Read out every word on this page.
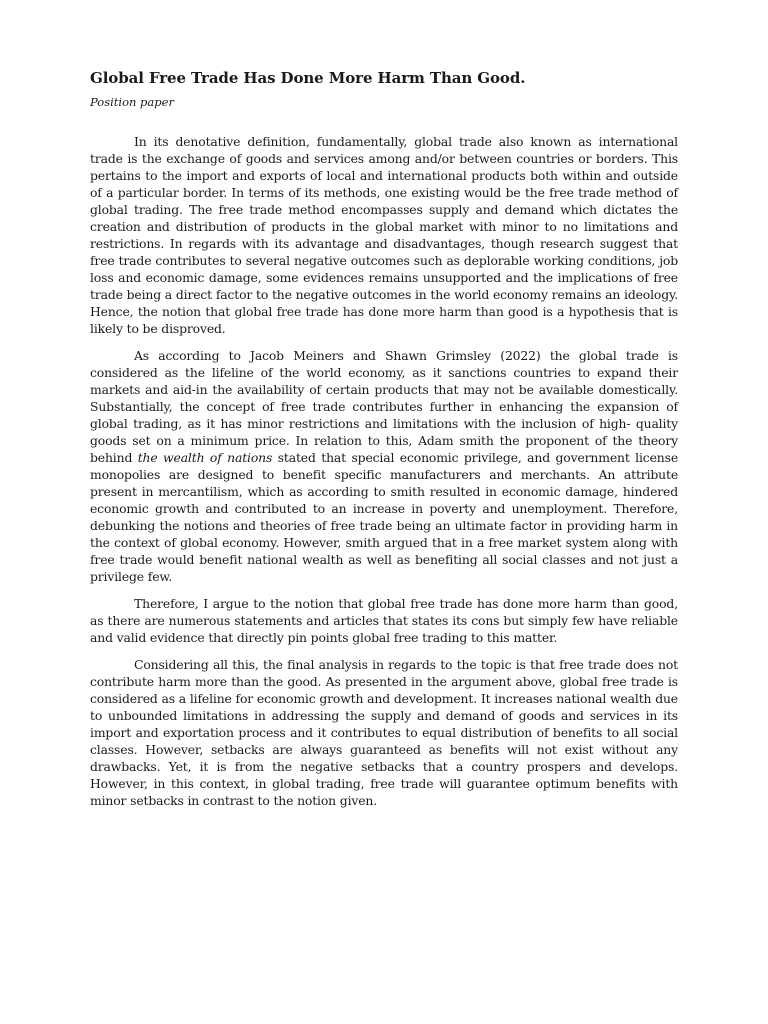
Global Free Trade Has Done More Harm Than Good.
Position paper

In its denotative definition, fundamentally, global trade also known as international trade is the exchange of goods and services among and/or between countries or borders. This pertains to the import and exports of local and international products both within and outside of a particular border. In terms of its methods, one existing would be the free trade method of global trading. The free trade method encompasses supply and demand which dictates the creation and distribution of products in the global market with minor to no limitations and restrictions. In regards with its advantage and disadvantages, though research suggest that free trade contributes to several negative outcomes such as deplorable working conditions, job loss and economic damage, some evidences remains unsupported and the implications of free trade being a direct factor to the negative outcomes in the world economy remains an ideology. Hence, the notion that global free trade has done more harm than good is a hypothesis that is likely to be disproved.

As according to Jacob Meiners and Shawn Grimsley (2022) the global trade is considered as the lifeline of the world economy, as it sanctions countries to expand their markets and aid-in the availability of certain products that may not be available domestically. Substantially, the concept of free trade contributes further in enhancing the expansion of global trading, as it has minor restrictions and limitations with the inclusion of high- quality goods set on a minimum price. In relation to this, Adam smith the proponent of the theory behind the wealth of nations stated that special economic privilege, and government license monopolies are designed to benefit specific manufacturers and merchants. An attribute present in mercantilism, which as according to smith resulted in economic damage, hindered economic growth and contributed to an increase in poverty and unemployment. Therefore, debunking the notions and theories of free trade being an ultimate factor in providing harm in the context of global economy. However, smith argued that in a free market system along with free trade would benefit national wealth as well as benefiting all social classes and not just a privilege few.

Therefore, I argue to the notion that global free trade has done more harm than good, as there are numerous statements and articles that states its cons but simply few have reliable and valid evidence that directly pin points global free trading to this matter.

Considering all this, the final analysis in regards to the topic is that free trade does not contribute harm more than the good. As presented in the argument above, global free trade is considered as a lifeline for economic growth and development. It increases national wealth due to unbounded limitations in addressing the supply and demand of goods and services in its import and exportation process and it contributes to equal distribution of benefits to all social classes. However, setbacks are always guaranteed as benefits will not exist without any drawbacks. Yet, it is from the negative setbacks that a country prospers and develops. However, in this context, in global trading, free trade will guarantee optimum benefits with minor setbacks in contrast to the notion given.
